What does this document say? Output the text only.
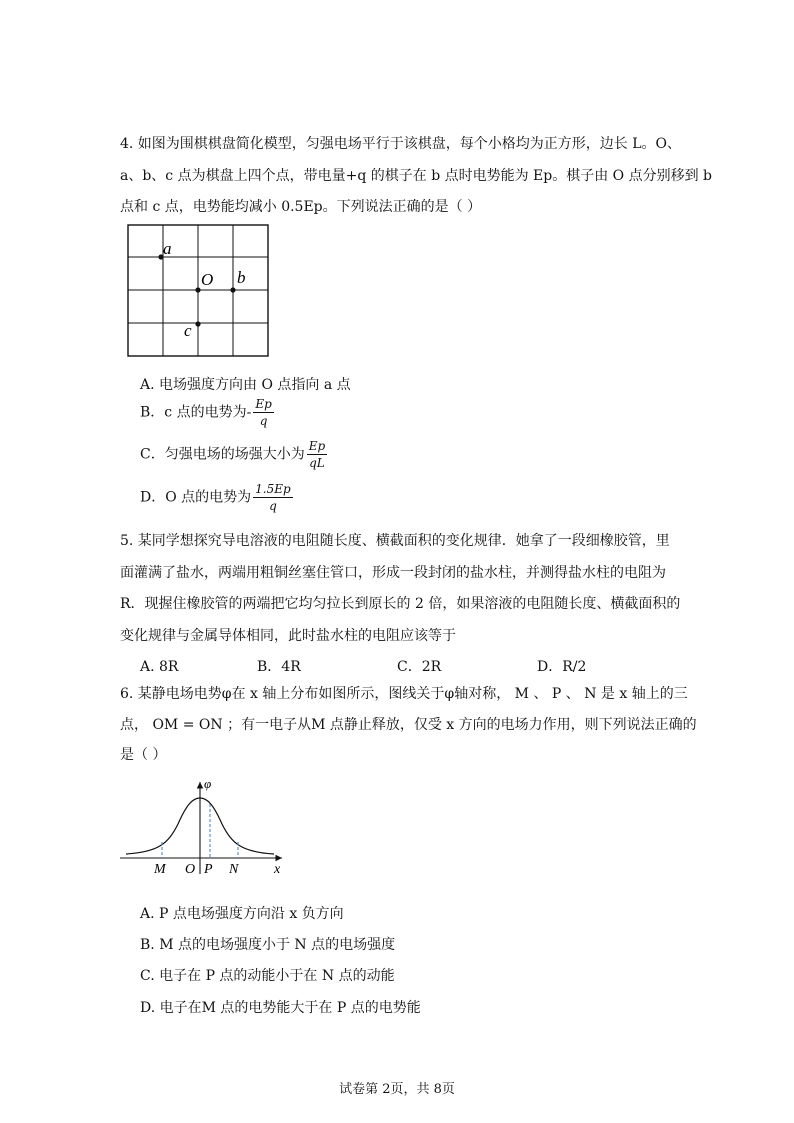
4. 如图为围棋棋盘简化模型，匀强电场平行于该棋盘，每个小格均为正方形，边长 L。O、
a、b、c 点为棋盘上四个点，带电量+q 的棋子在 b 点时电势能为 Ep。棋子由 O 点分别移到 b
点和 c 点，电势能均减小 0.5Ep。下列说法正确的是（ ）
a
O b
c
A. 电场强度方向由 O 点指向 a 点
B．c 点的电势为- $\frac{Ep}{q}$
C．匀强电场的场强大小为 $\frac{Ep}{qL}$
D．O 点的电势为 $\frac{1.5Ep}{q}$
5. 某同学想探究导电溶液的电阻随长度、横截面积的变化规律．她拿了一段细橡胶管，里
面灌满了盐水，两端用粗铜丝塞住管口，形成一段封闭的盐水柱，并测得盐水柱的电阻为
R．现握住橡胶管的两端把它均匀拉长到原长的 2 倍，如果溶液的电阻随长度、横截面积的
变化规律与金属导体相同，此时盐水柱的电阻应该等于
A. 8R	B．4R	C．2R	D．R/2
6. 某静电场电势φ在 x 轴上分布如图所示，图线关于φ轴对称， M 、 P 、 N 是 x 轴上的三
点， OM = ON ；有一电子从M 点静止释放，仅受 x 方向的电场力作用，则下列说法正确的
是（ ）
φ
x
M O P N
A. P 点电场强度方向沿 x 负方向
B. M 点的电场强度小于 N 点的电场强度
C. 电子在 P 点的动能小于在 N 点的动能
D. 电子在M 点的电势能大于在 P 点的电势能
试卷第 2页，共 8页
